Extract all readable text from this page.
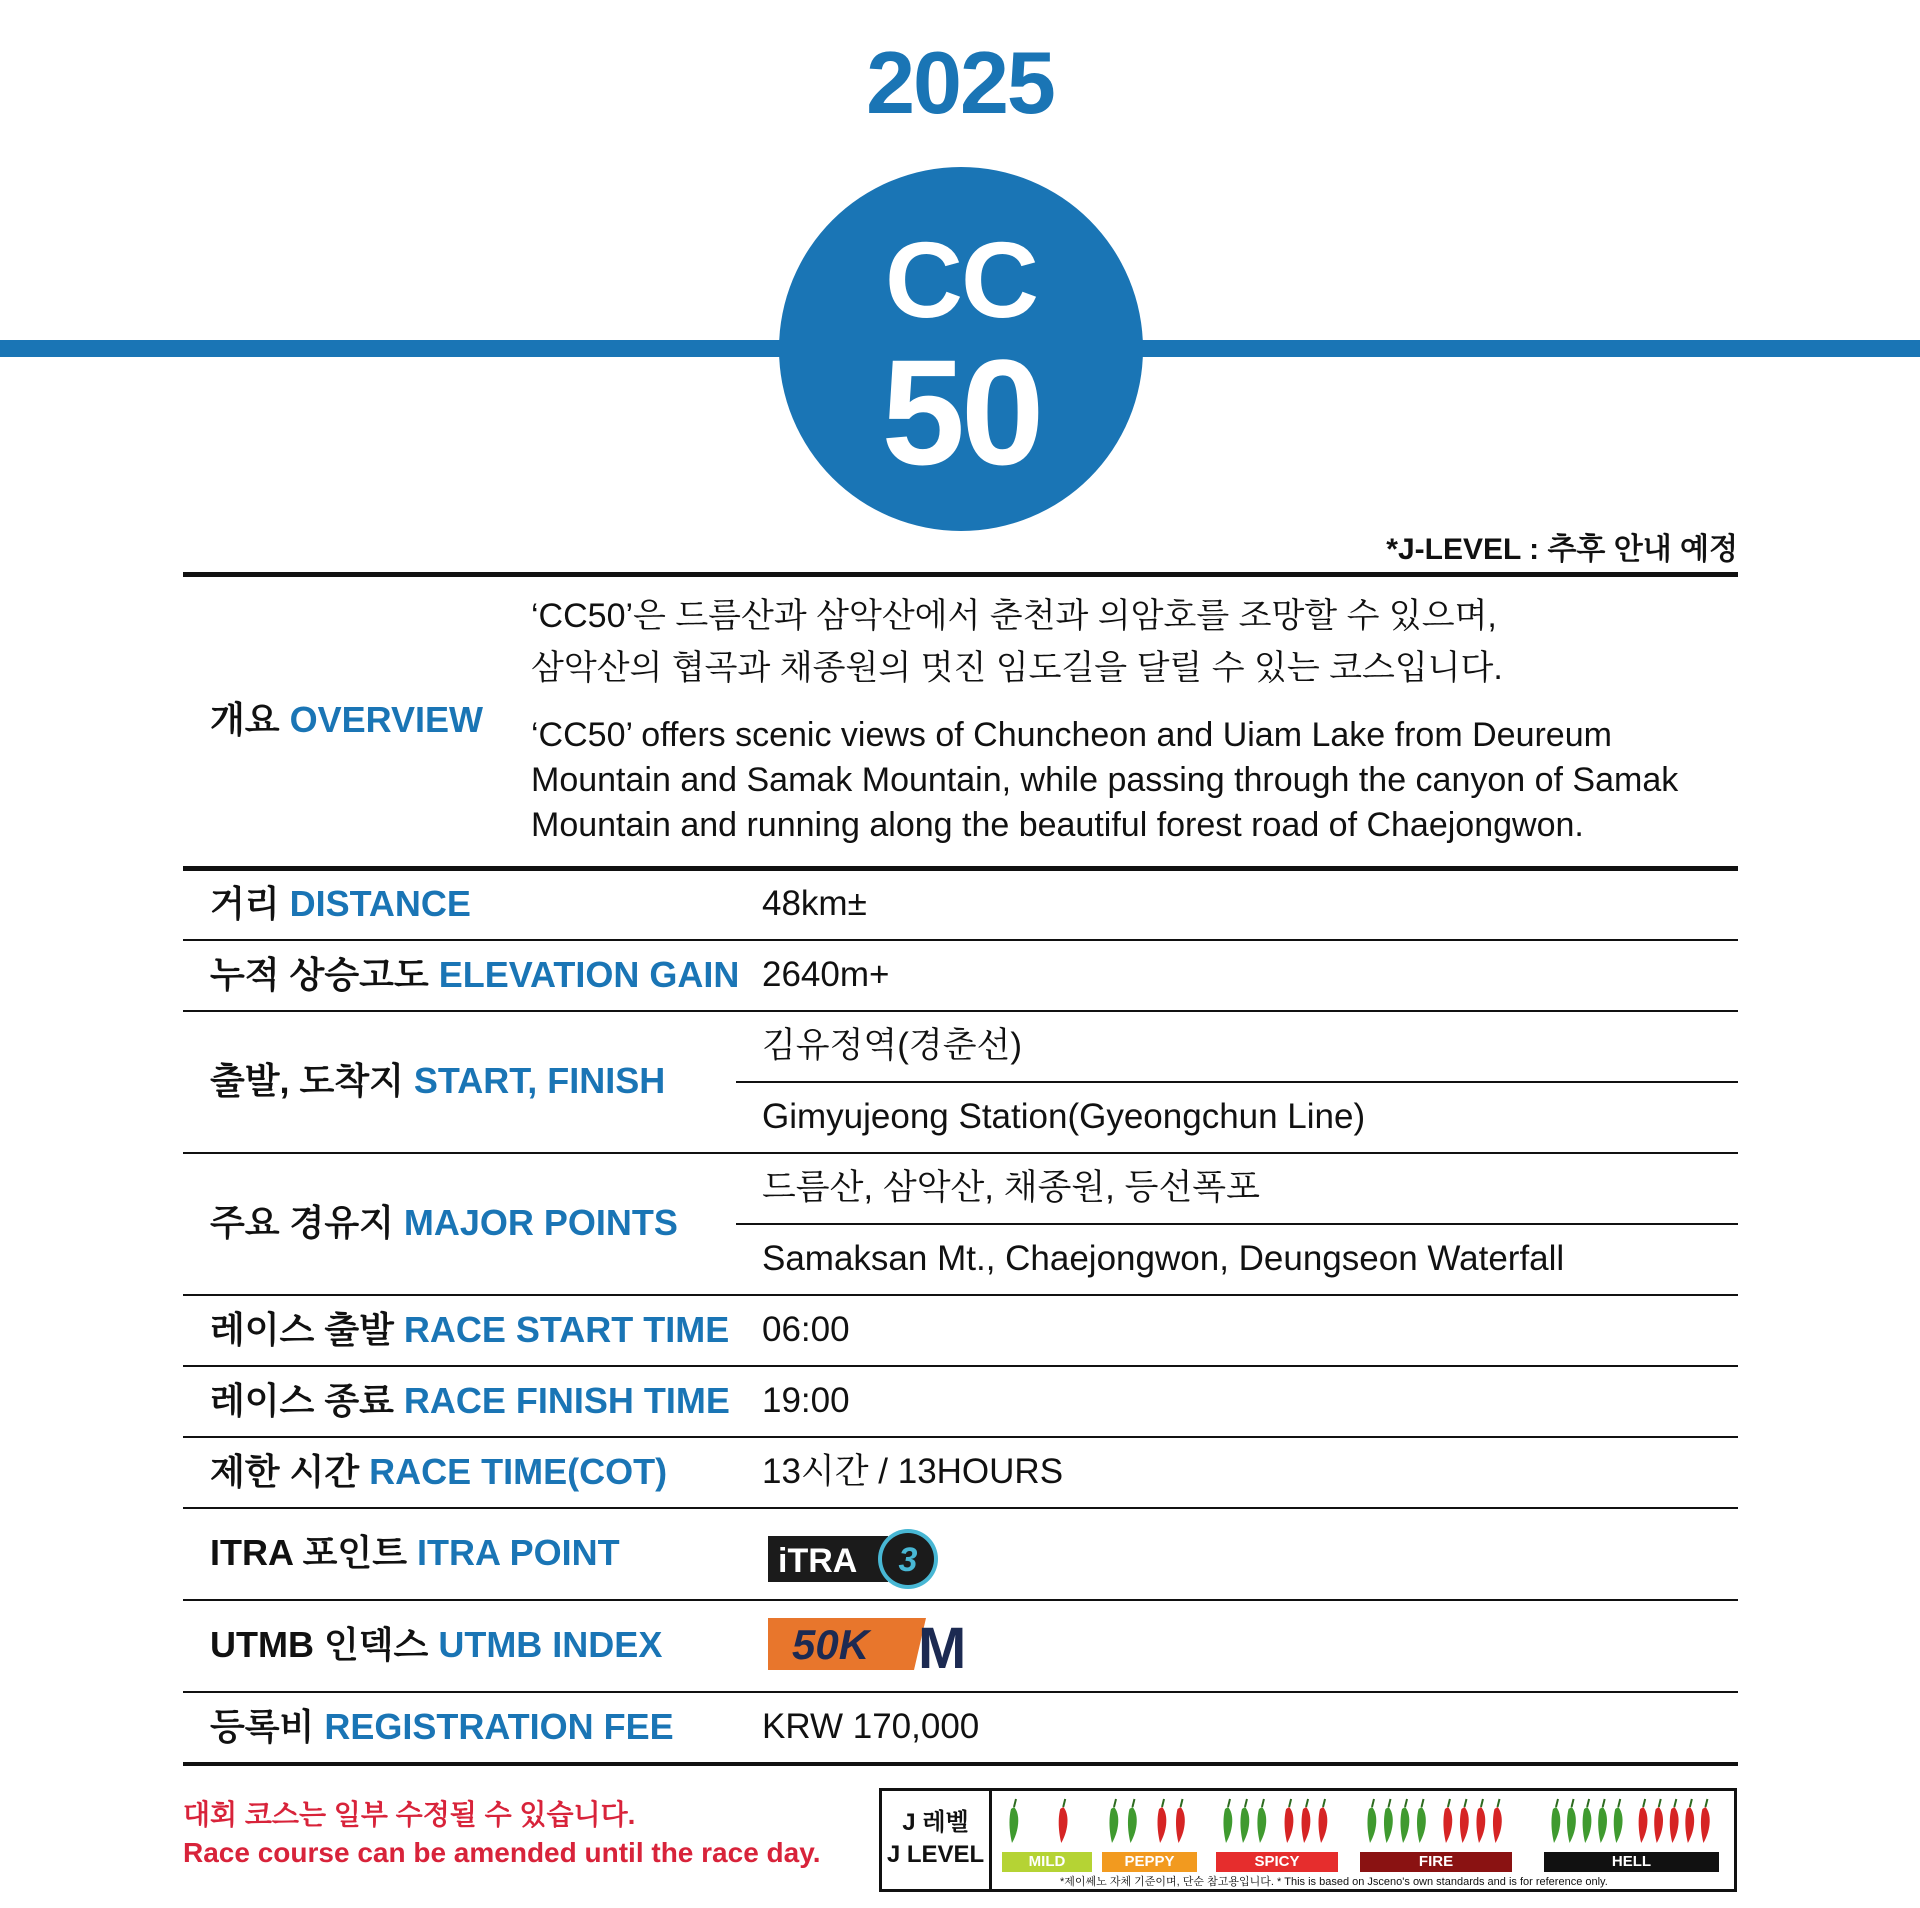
2025
CC
50
*J-LEVEL : 추후 안내 예정
개요 OVERVIEW
‘CC50’은 드름산과 삼악산에서 춘천과 의암호를 조망할 수 있으며,
삼악산의 협곡과 채종원의 멋진 임도길을 달릴 수 있는 코스입니다.
‘CC50’ offers scenic views of Chuncheon and Uiam Lake from Deureum Mountain and Samak Mountain, while passing through the canyon of Samak Mountain and running along the beautiful forest road of Chaejongwon.
거리 DISTANCE	48km±
누적 상승고도 ELEVATION GAIN 2640m+
출발, 도착지 START, FINISH
김유정역(경춘선)
Gimyujeong Station(Gyeongchun Line)
주요 경유지 MAJOR POINTS
드름산, 삼악산, 채종원, 등선폭포
Samaksan Mt., Chaejongwon, Deungseon Waterfall
레이스 출발 RACE START TIME 06:00
레이스 종료 RACE FINISH TIME 19:00
제한 시간 RACE TIME(COT)	13시간 / 13HOURS
ITRA 포인트 ITRA POINT	iTRA 3
UTMB 인덱스 UTMB INDEX	50K M
등록비 REGISTRATION FEE	KRW 170,000
대회 코스는 일부 수정될 수 있습니다.
Race course can be amended until the race day.
J 레벨
J LEVEL	MILD	PEPPY	SPICY	FIRE	HELL
*제이쎄노 자체 기준이며, 단순 참고용입니다. * This is based on Jsceno's own standards and is for reference only.
